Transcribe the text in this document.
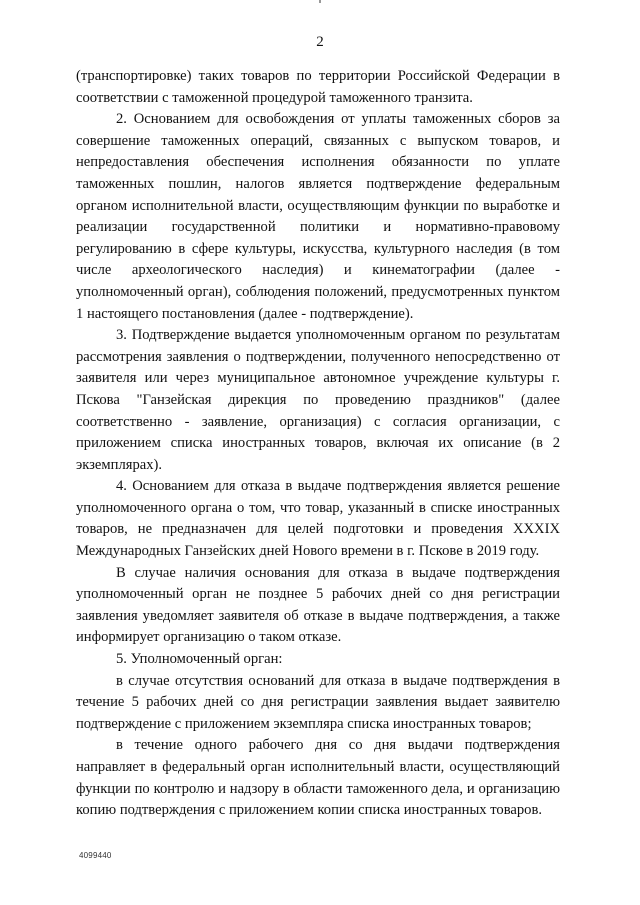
2

(транспортировке) таких товаров по территории Российской Федерации в соответствии с таможенной процедурой таможенного транзита.

2. Основанием для освобождения от уплаты таможенных сборов за совершение таможенных операций, связанных с выпуском товаров, и непредоставления обеспечения исполнения обязанности по уплате таможенных пошлин, налогов является подтверждение федеральным органом исполнительной власти, осуществляющим функции по выработке и реализации государственной политики и нормативно-правовому регулированию в сфере культуры, искусства, культурного наследия (в том числе археологического наследия) и кинематографии (далее - уполномоченный орган), соблюдения положений, предусмотренных пунктом 1 настоящего постановления (далее - подтверждение).

3. Подтверждение выдается уполномоченным органом по результатам рассмотрения заявления о подтверждении, полученного непосредственно от заявителя или через муниципальное автономное учреждение культуры г. Пскова "Ганзейская дирекция по проведению праздников" (далее соответственно - заявление, организация) с согласия организации, с приложением списка иностранных товаров, включая их описание (в 2 экземплярах).

4. Основанием для отказа в выдаче подтверждения является решение уполномоченного органа о том, что товар, указанный в списке иностранных товаров, не предназначен для целей подготовки и проведения XXXIX Международных Ганзейских дней Нового времени в г. Пскове в 2019 году.

В случае наличия основания для отказа в выдаче подтверждения уполномоченный орган не позднее 5 рабочих дней со дня регистрации заявления уведомляет заявителя об отказе в выдаче подтверждения, а также информирует организацию о таком отказе.

5. Уполномоченный орган:

в случае отсутствия оснований для отказа в выдаче подтверждения в течение 5 рабочих дней со дня регистрации заявления выдает заявителю подтверждение с приложением экземпляра списка иностранных товаров;

в течение одного рабочего дня со дня выдачи подтверждения направляет в федеральный орган исполнительный власти, осуществляющий функции по контролю и надзору в области таможенного дела, и организацию копию подтверждения с приложением копии списка иностранных товаров.

4099440
